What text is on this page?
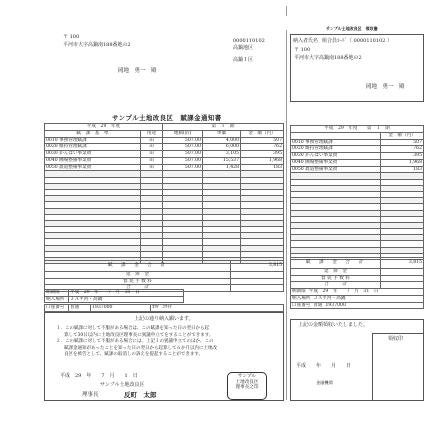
〒 100
平河市大字高鍋南188番地の2
岡地　勇一　殿
0000110102
高鍋地区
高鍋１区
サンプル土地改良区　賦課金通知書
平成　29　年度	第　１　期
賦　課　基　準	用途	地積(㎡)	単価	金　額（円）
0010 事務管理賦課	田	507.00	4,000	507
0020 維持管理賦課	田	507.00	6,000	762
0030 かんばい事業費	田	507.00	3,105	395
0040 圃場整備事業費	田	507.00	15,537	1,968
0050 農道整備事業費	田	507.00	1,428	183

賦　課　金　合　計	3,815
延　滞　金	
督 促 手 数 料	
合　　　計	
納期限	平成　29　年　　7　月　31　日
納入場所	ＪＡ平河・高鍋
口座番号	普通	1937000	ｵｶﾁﾞ ﾕｳｲﾁ
上記の通り納入願います。
１．この賦課に対して不服がある場合は、この賦課を知った日の翌日から起
算して30日以内に土地改良区理事長に異議申立てをすることができます。
２．この賦課に対して不服がある場合には、上記１の異議申立てのほか、この
賦課金通知があったことを知った日の翌日から起算して６か月以内に土地改
良区を被告として、賦課の取消しの訴えを提起することができます。
平成　29　年　　7　月　　1　日
サンプル土地改良区
理事長	反町　太郎
サンプル
土地改良区
理事長之印
サンプル土地改良区　領収書
納入者氏名 組合員ｺｰﾄﾞ（ 0000110102 ）
〒 100
平河市大字高鍋南188番地の2
岡地　勇一　殿
平成　29　年度　　第　１　期
	金　額（円）
0010 事務管理賦課	507
0020 維持管理賦課	762
0030 かんばい事業費	395
0040 圃場整備事業費	1,968
0050 農道整備事業費	183

賦　課　金　合　計	3,815
延　滞　金	
督 促 手 数 料	
合　　　計	
納期限 平成　29　年　　7　月　31　日	
納入場所 ＪＡ平河・高鍋	
口座番号 普通 1937000	
上記の金額領収いたしました。
領収印
平成　　年　　月　　日
金融機関
